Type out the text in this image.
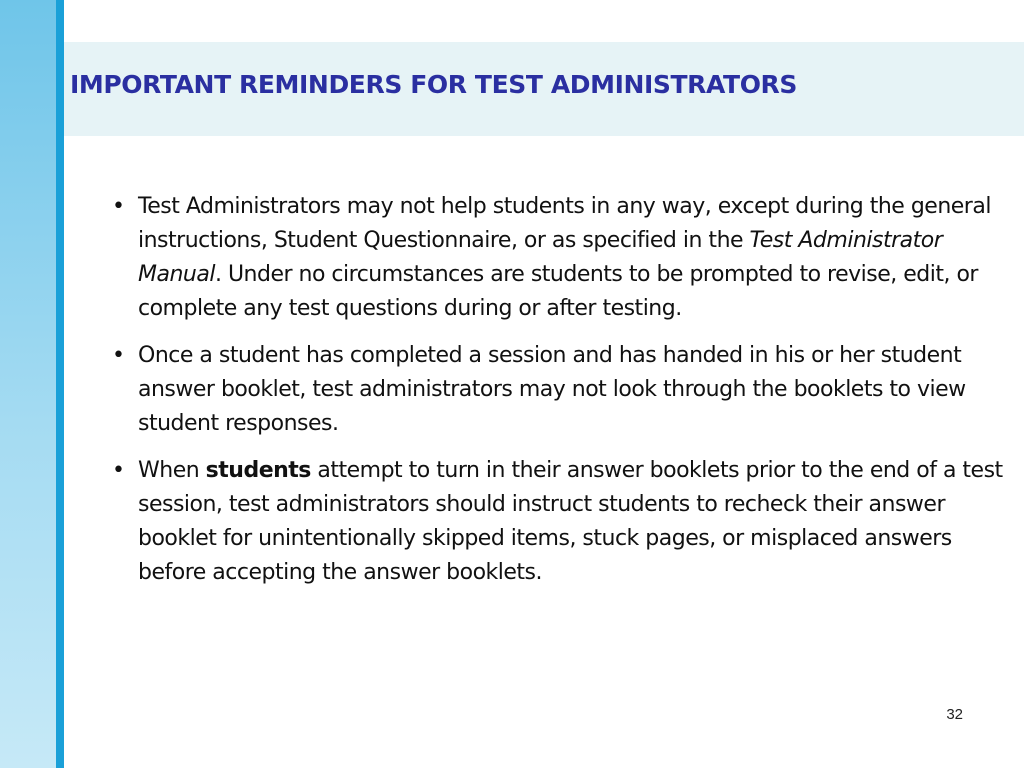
IMPORTANT REMINDERS FOR TEST ADMINISTRATORS
• Test Administrators may not help students in any way, except during the general instructions, Student Questionnaire, or as specified in the Test Administrator Manual. Under no circumstances are students to be prompted to revise, edit, or complete any test questions during or after testing.
• Once a student has completed a session and has handed in his or her student answer booklet, test administrators may not look through the booklets to view student responses.
• When students attempt to turn in their answer booklets prior to the end of a test session, test administrators should instruct students to recheck their answer booklet for unintentionally skipped items, stuck pages, or misplaced answers before accepting the answer booklets.
32
